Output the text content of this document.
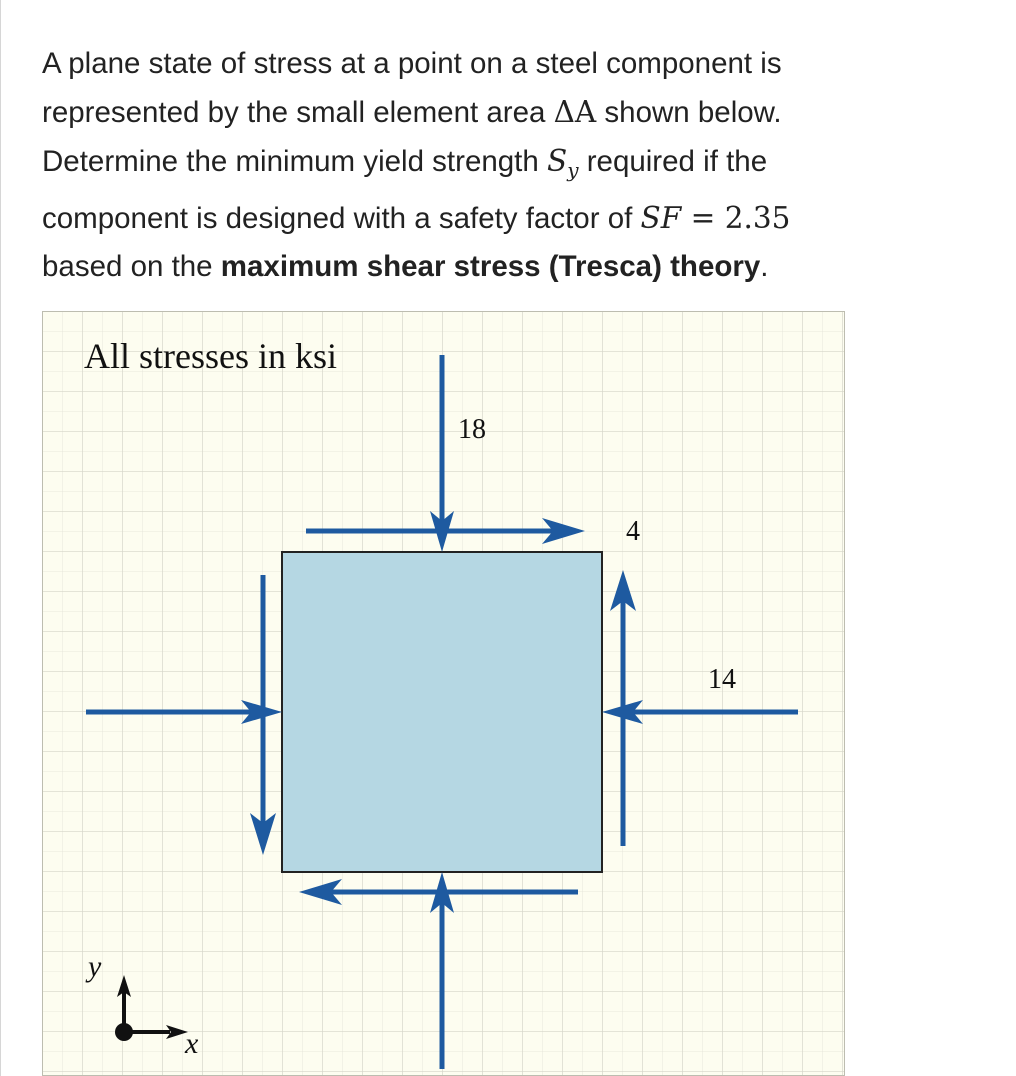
A plane state of stress at a point on a steel component is

represented by the small element area ΔA shown below.

Determine the minimum yield strength $S_y$ required if the

component is designed with a safety factor of SF = 2.35

based on the maximum shear stress (Tresca) theory.

All stresses in ksi
18
4
14
y
x
